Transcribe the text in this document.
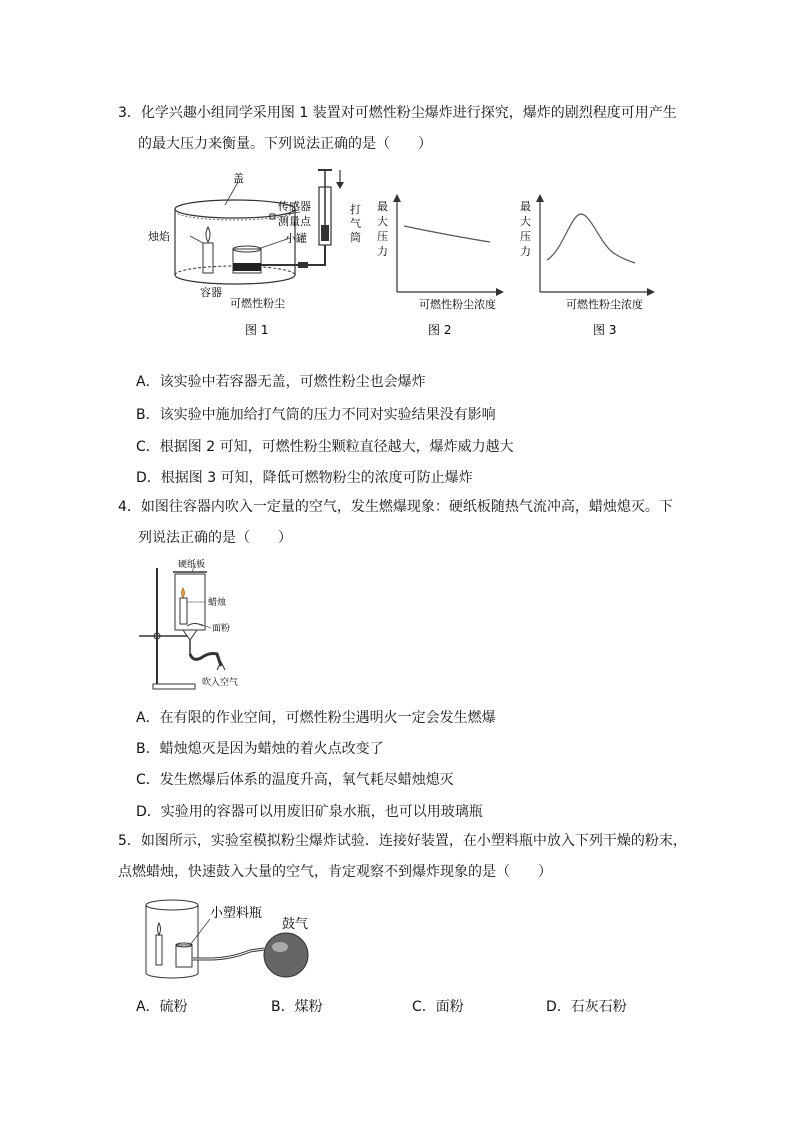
3．化学兴趣小组同学采用图 1 装置对可燃性粉尘爆炸进行探究，爆炸的剧烈程度可用产生
的最大压力来衡量。下列说法正确的是（　　）
盖
烛焰
传感器
测量点
小罐
打
气
筒
容器
可燃性粉尘
图 1
最
大
压
力
可燃性粉尘浓度
图 2
最
大
压
力
可燃性粉尘浓度
图 3
A．该实验中若容器无盖，可燃性粉尘也会爆炸
B．该实验中施加给打气筒的压力不同对实验结果没有影响
C．根据图 2 可知，可燃性粉尘颗粒直径越大，爆炸威力越大
D．根据图 3 可知，降低可燃物粉尘的浓度可防止爆炸
4．如图往容器内吹入一定量的空气，发生燃爆现象：硬纸板随热气流冲高，蜡烛熄灭。下
列说法正确的是（　　）
硬纸板
蜡烛
面粉
吹入空气
A．在有限的作业空间，可燃性粉尘遇明火一定会发生燃爆
B．蜡烛熄灭是因为蜡烛的着火点改变了
C．发生燃爆后体系的温度升高，氧气耗尽蜡烛熄灭
D．实验用的容器可以用废旧矿泉水瓶，也可以用玻璃瓶
5．如图所示，实验室模拟粉尘爆炸试验．连接好装置，在小塑料瓶中放入下列干燥的粉末，
点燃蜡烛，快速鼓入大量的空气，肯定观察不到爆炸现象的是（　　）
小塑料瓶
鼓气
A．硫粉	B．煤粉	C．面粉	D．石灰石粉
